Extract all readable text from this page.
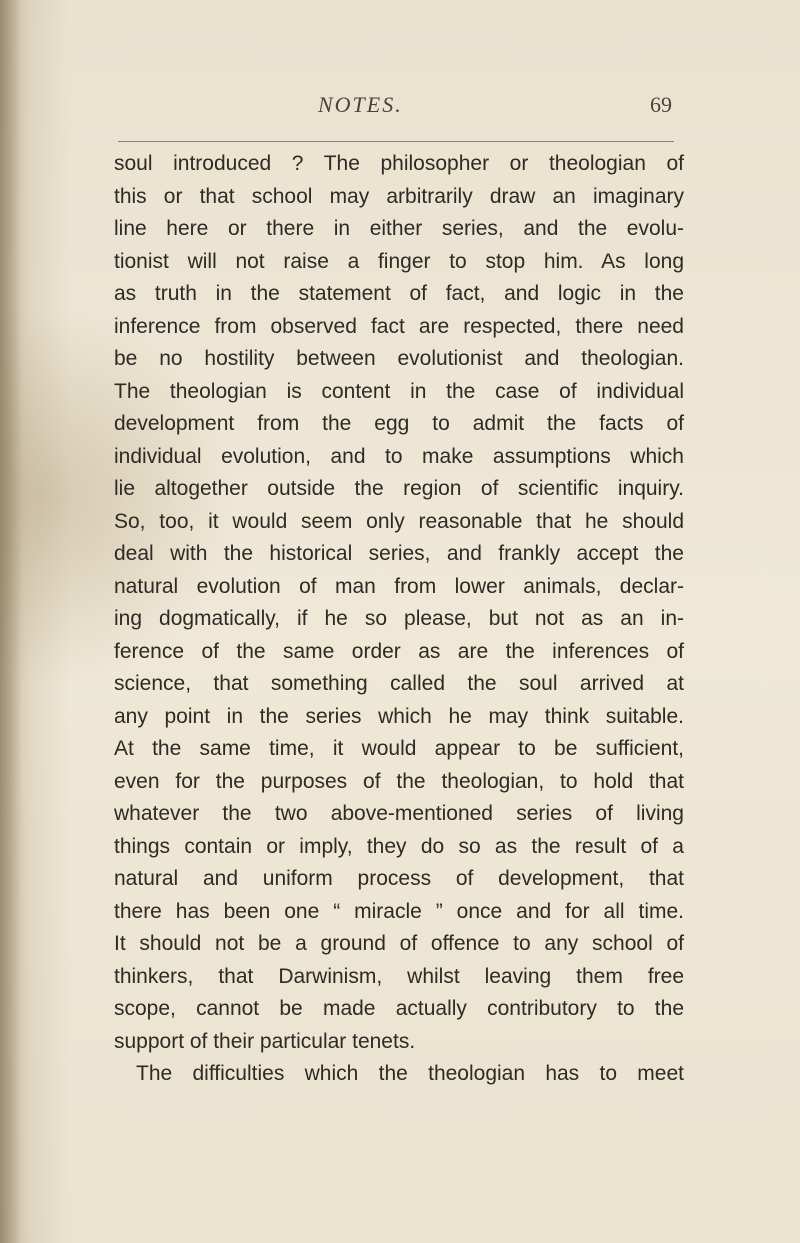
NOTES.	69
soul introduced ? The philosopher or theologian of
this or that school may arbitrarily draw an imaginary
line here or there in either series, and the evolu-
tionist will not raise a finger to stop him. As long
as truth in the statement of fact, and logic in the
inference from observed fact are respected, there need
be no hostility between evolutionist and theologian.
The theologian is content in the case of individual
development from the egg to admit the facts of
individual evolution, and to make assumptions which
lie altogether outside the region of scientific inquiry.
So, too, it would seem only reasonable that he should
deal with the historical series, and frankly accept the
natural evolution of man from lower animals, declar-
ing dogmatically, if he so please, but not as an in-
ference of the same order as are the inferences of
science, that something called the soul arrived at
any point in the series which he may think suitable.
At the same time, it would appear to be sufficient,
even for the purposes of the theologian, to hold that
whatever the two above-mentioned series of living
things contain or imply, they do so as the result of a
natural and uniform process of development, that
there has been one “ miracle ” once and for all time.
It should not be a ground of offence to any school of
thinkers, that Darwinism, whilst leaving them free
scope, cannot be made actually contributory to the
support of their particular tenets.
The difficulties which the theologian has to meet
